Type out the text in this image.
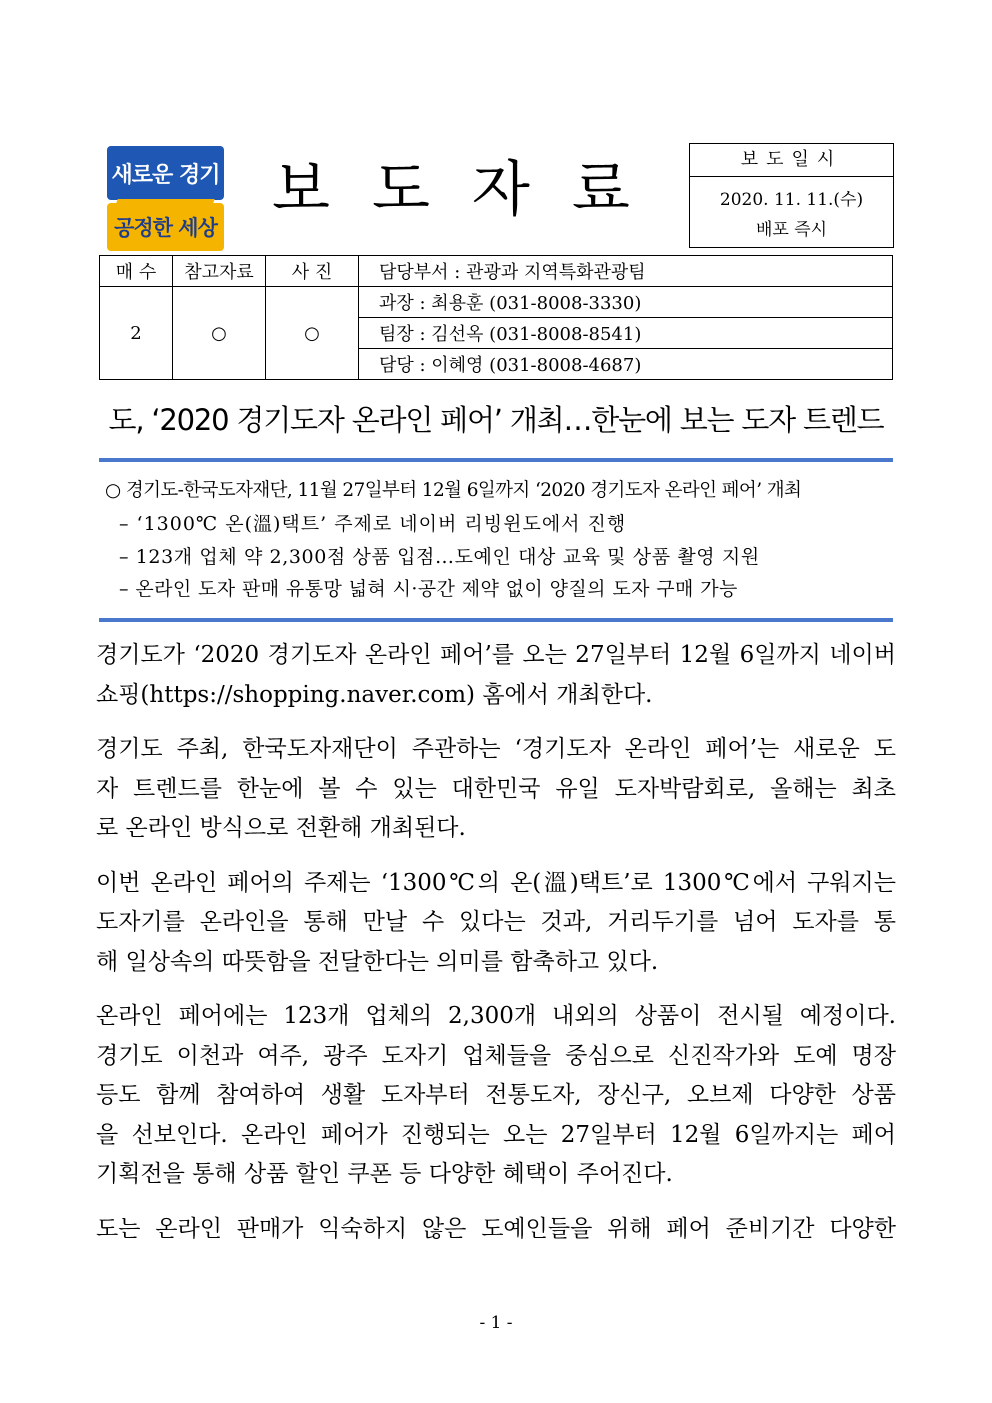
새로운 경기
공정한 세상
보도자료	보도일시
2020. 11. 11.(수)
배포 즉시
매 수	참고자료	사 진	담당부서 : 관광과 지역특화관광팀
2	○	○	과장 : 최용훈 (031-8008-3330)
			팀장 : 김선옥 (031-8008-8541)
			담당 : 이혜영 (031-8008-4687)
도, ‘2020 경기도자 온라인 페어’ 개최…한눈에 보는 도자 트렌드
○ 경기도-한국도자재단, 11월 27일부터 12월 6일까지 ‘2020 경기도자 온라인 페어’ 개최
– ‘1300℃ 온(溫)택트’ 주제로 네이버 리빙윈도에서 진행
– 123개 업체 약 2,300점 상품 입점…도예인 대상 교육 및 상품 촬영 지원
– 온라인 도자 판매 유통망 넓혀 시·공간 제약 없이 양질의 도자 구매 가능
경기도가 ‘2020 경기도자 온라인 페어’를 오는 27일부터 12월 6일까지 네이버
쇼핑(https://shopping.naver.com) 홈에서 개최한다.
경기도 주최, 한국도자재단이 주관하는 ‘경기도자 온라인 페어’는 새로운 도
자 트렌드를 한눈에 볼 수 있는 대한민국 유일 도자박람회로, 올해는 최초
로 온라인 방식으로 전환해 개최된다.
이번 온라인 페어의 주제는 ‘1300℃의 온(溫)택트’로 1300℃에서 구워지는
도자기를 온라인을 통해 만날 수 있다는 것과, 거리두기를 넘어 도자를 통
해 일상속의 따뜻함을 전달한다는 의미를 함축하고 있다.
온라인 페어에는 123개 업체의 2,300개 내외의 상품이 전시될 예정이다.
경기도 이천과 여주, 광주 도자기 업체들을 중심으로 신진작가와 도예 명장
등도 함께 참여하여 생활 도자부터 전통도자, 장신구, 오브제 다양한 상품
을 선보인다. 온라인 페어가 진행되는 오는 27일부터 12월 6일까지는 페어
기획전을 통해 상품 할인 쿠폰 등 다양한 혜택이 주어진다.
도는 온라인 판매가 익숙하지 않은 도예인들을 위해 페어 준비기간 다양한
- 1 -
